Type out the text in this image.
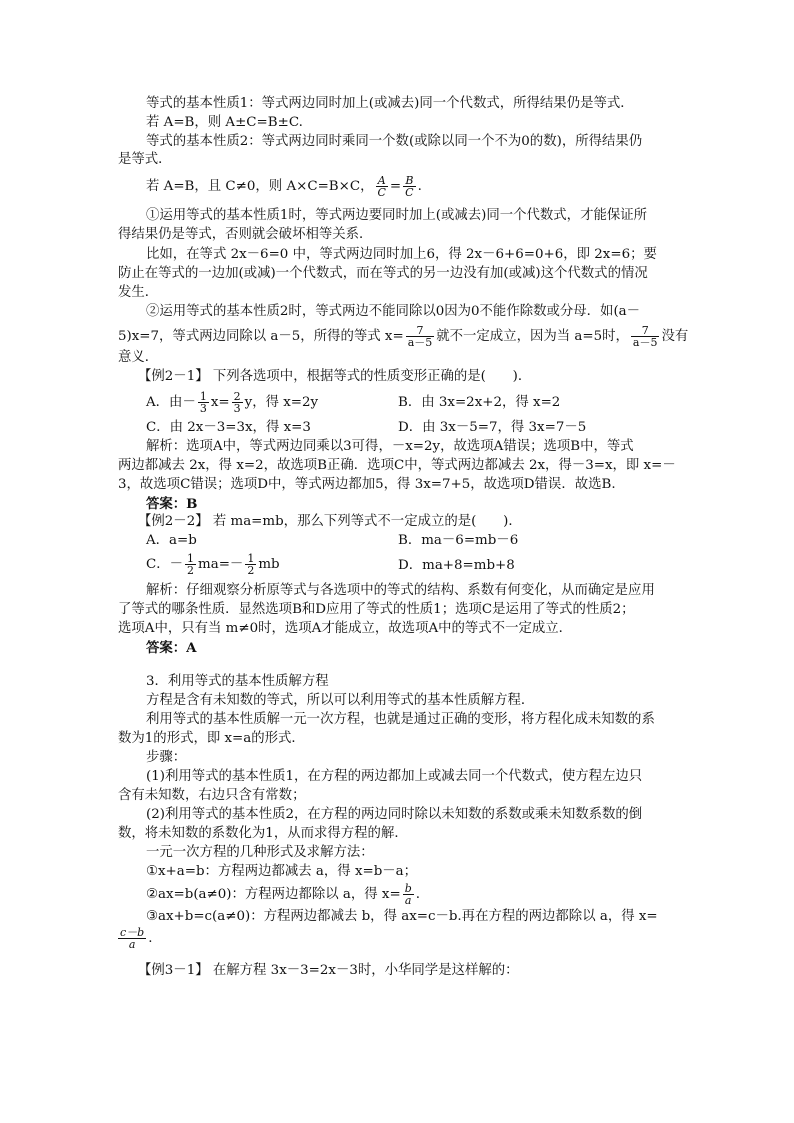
等式的基本性质1：等式两边同时加上(或减去)同一个代数式，所得结果仍是等式．
若 A=B，则 A±C=B±C.
等式的基本性质2：等式两边同时乘同一个数(或除以同一个不为0的数)，所得结果仍
是等式．
若 A=B，且 C≠0，则 A×C=B×C， $\frac{A}{C} = \frac{B}{C}$ .
①运用等式的基本性质1时，等式两边要同时加上(或减去)同一个代数式，才能保证所
得结果仍是等式，否则就会破坏相等关系．
比如，在等式 2x－6=0 中，等式两边同时加上6，得 2x－6+6=0+6，即 2x=6；要
防止在等式的一边加(或减)一个代数式，而在等式的另一边没有加(或减)这个代数式的情况
发生．
②运用等式的基本性质2时，等式两边不能同除以0因为0不能作除数或分母．如(a－
5)x=7，等式两边同除以 a－5，所得的等式 $x= \frac{7}{a-5}$ 就不一定成立，因为当 a=5时， $\frac{7}{a-5}$ 没有
意义．
【例2－1】 下列各选项中，根据等式的性质变形正确的是(　　)．
A．由－ $\frac{1}{3} x= \frac{2}{3}$ y，得 x=2y	B．由 3x=2x+2，得 x=2
C．由 2x－3=3x，得 x=3	D．由 3x－5=7，得 3x=7－5
解析：选项A中，等式两边同乘以3可得，－x=2y，故选项A错误；选项B中，等式
两边都减去 2x，得 x=2，故选项B正确．选项C中，等式两边都减去 2x，得－3=x，即 x=－
3，故选项C错误；选项D中，等式两边都加5，得 3x=7+5，故选项D错误．故选B.
答案：B
【例2－2】 若 ma=mb，那么下列等式不一定成立的是(　　)．
A．a=b	B．ma－6=mb－6
C．－ $\frac{1}{2} ma=- \frac{1}{2}$ mb	D．ma+8=mb+8
解析：仔细观察分析原等式与各选项中的等式的结构、系数有何变化，从而确定是应用
了等式的哪条性质．显然选项B和D应用了等式的性质1；选项C是运用了等式的性质2；
选项A中，只有当 m≠0时，选项A才能成立，故选项A中的等式不一定成立．
答案：A
3．利用等式的基本性质解方程
方程是含有未知数的等式，所以可以利用等式的基本性质解方程．
利用等式的基本性质解一元一次方程，也就是通过正确的变形，将方程化成未知数的系
数为1的形式，即 x=a的形式．
步骤：
(1)利用等式的基本性质1，在方程的两边都加上或减去同一个代数式，使方程左边只
含有未知数，右边只含有常数；
(2)利用等式的基本性质2，在方程的两边同时除以未知数的系数或乘未知数系数的倒
数，将未知数的系数化为1，从而求得方程的解．
一元一次方程的几种形式及求解方法：
①x+a=b：方程两边都减去 a，得 x=b－a；
②ax=b(a≠0)：方程两边都除以 a，得 $x= \frac{b}{a}$ .
③ax+b=c(a≠0)：方程两边都减去 b，得 ax=c－b.再在方程的两边都除以 a，得 x=
$\frac{c-b}{a}$ .
【例3－1】 在解方程 3x－3=2x－3时，小华同学是这样解的：
